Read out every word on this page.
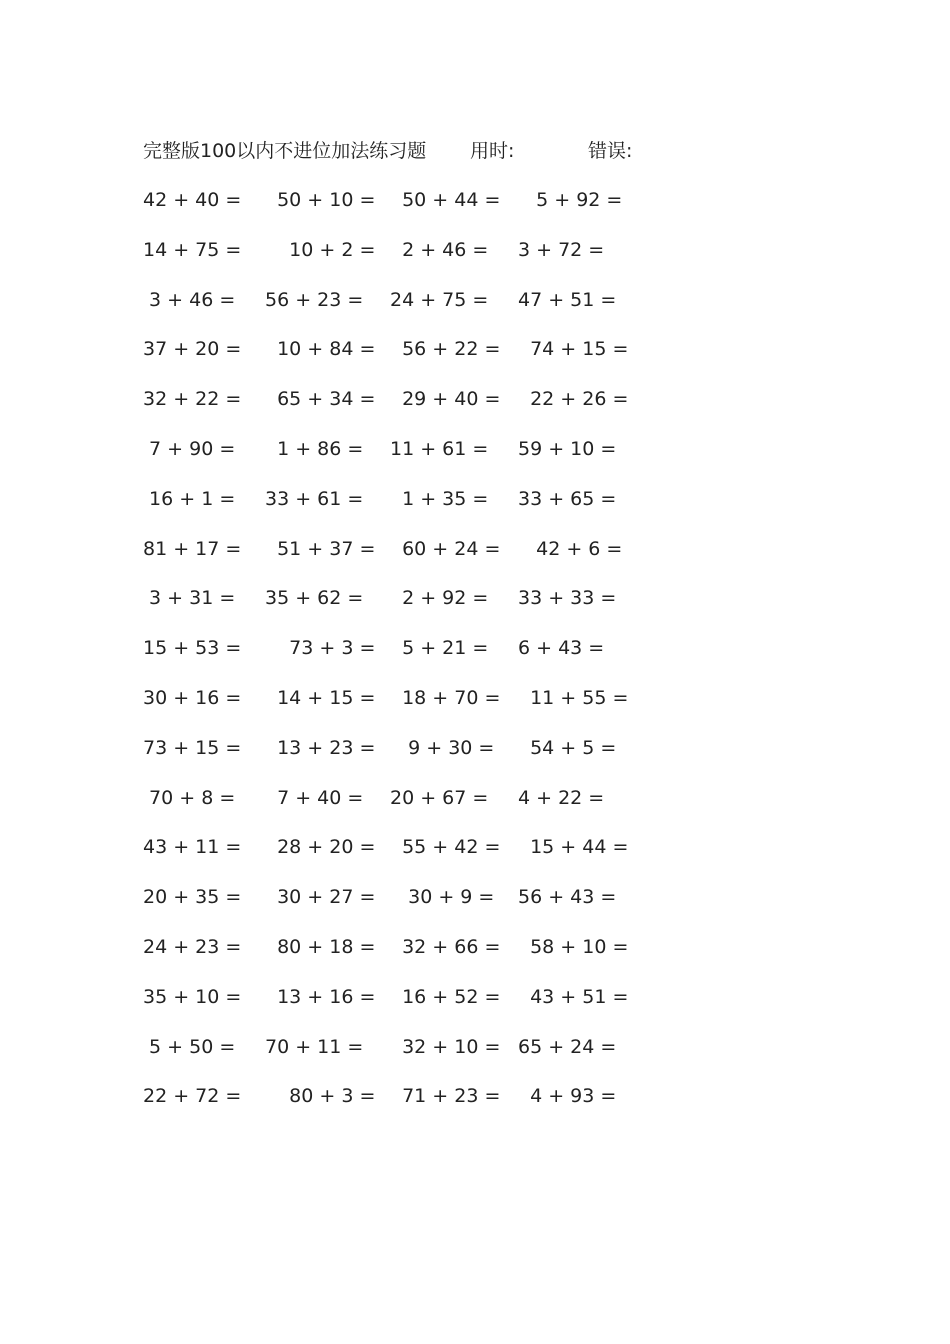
完整版100以内不进位加法练习题 用时:	错误:
42 + 40 =	50 + 10 = 50 + 44 = 5 + 92 =
14 + 75 =	10 + 2 = 2 + 46 =	3 + 72 =
3 + 46 =	56 + 23 =	24 + 75 =	47 + 51 =
37 + 20 =	10 + 84 = 56 + 22 = 74 + 15 =
32 + 22 =	65 + 34 = 29 + 40 = 22 + 26 =
7 + 90 =	1 + 86 =	11 + 61 =	59 + 10 =
16 + 1 =	33 + 61 =	1 + 35 =	33 + 65 =
81 + 17 =	51 + 37 = 60 + 24 = 42 + 6 =
3 + 31 =	35 + 62 =	2 + 92 =	33 + 33 =
15 + 53 =	73 + 3 = 5 + 21 =	6 + 43 =
30 + 16 =	14 + 15 = 18 + 70 = 11 + 55 =
73 + 15 =	13 + 23 = 9 + 30 =	54 + 5 =
70 + 8 =	7 + 40 =	20 + 67 =	4 + 22 =
43 + 11 =	28 + 20 = 55 + 42 = 15 + 44 =
20 + 35 =	30 + 27 = 30 + 9 =	56 + 43 =
24 + 23 =	80 + 18 = 32 + 66 = 58 + 10 =
35 + 10 =	13 + 16 = 16 + 52 = 43 + 51 =
5 + 50 =	70 + 11 =	32 + 10 = 65 + 24 =
22 + 72 =	80 + 3 = 71 + 23 = 4 + 93 =
